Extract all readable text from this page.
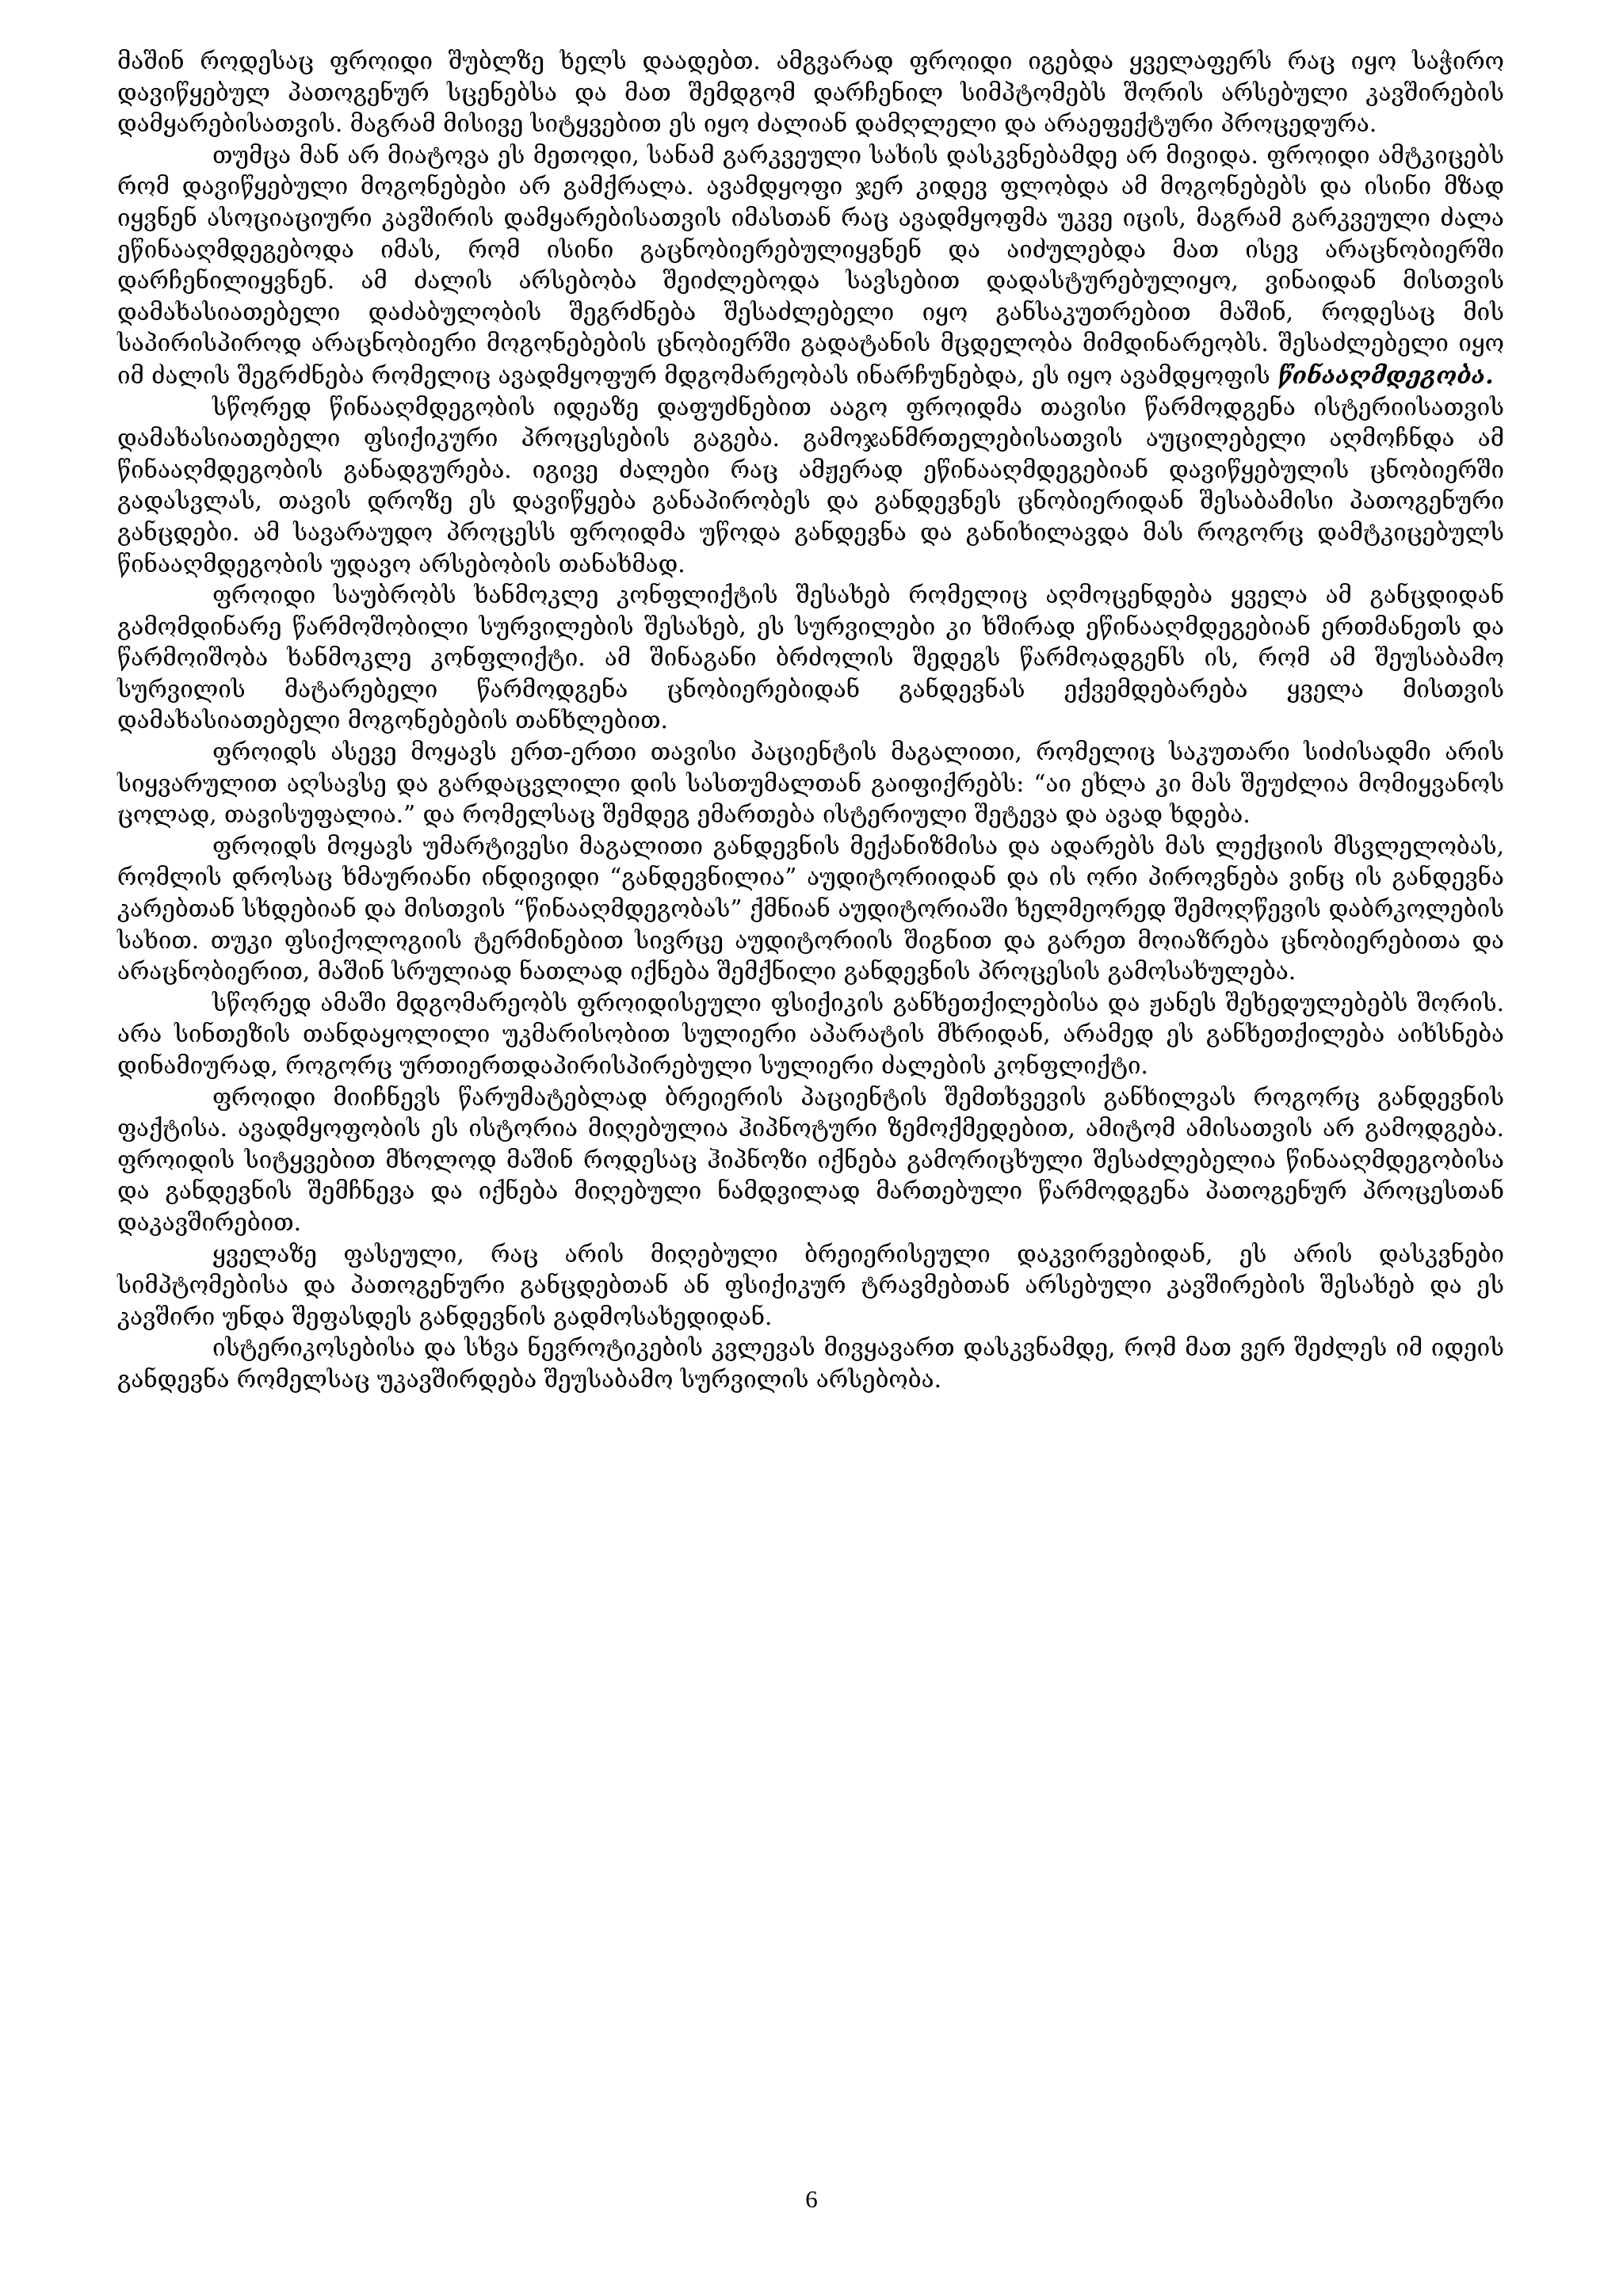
მაშინ როდესაც ფროიდი შუბლზე ხელს დაადებთ. ამგვარად ფროიდი იგებდა ყველაფერს რაც იყო საჭირო დავიწყებულ პათოგენურ სცენებსა და მათ შემდგომ დარჩენილ სიმპტომებს შორის არსებული კავშირების დამყარებისათვის. მაგრამ მისივე სიტყვებით ეს იყო ძალიან დამღლელი და არაეფექტური პროცედურა.

თუმცა მან არ მიატოვა ეს მეთოდი, სანამ გარკვეული სახის დასკვნებამდე არ მივიდა. ფროიდი ამტკიცებს რომ დავიწყებული მოგონებები არ გამქრალა. ავამდყოფი ჯერ კიდევ ფლობდა ამ მოგონებებს და ისინი მზად იყვნენ ასოციაციური კავშირის დამყარებისათვის იმასთან რაც ავადმყოფმა უკვე იცის, მაგრამ გარკვეული ძალა ეწინააღმდეგებოდა იმას, რომ ისინი გაცნობიერებულიყვნენ და აიძულებდა მათ ისევ არაცნობიერში დარჩენილიყვნენ. ამ ძალის არსებობა შეიძლებოდა სავსებით დადასტურებულიყო, ვინაიდან მისთვის დამახასიათებელი დაძაბულობის შეგრძნება შესაძლებელი იყო განსაკუთრებით მაშინ, როდესაც მის საპირისპიროდ არაცნობიერი მოგონებების ცნობიერში გადატანის მცდელობა მიმდინარეობს. შესაძლებელი იყო იმ ძალის შეგრძნება რომელიც ავადმყოფურ მდგომარეობას ინარჩუნებდა, ეს იყო ავამდყოფის წინააღმდეგობა.

სწორედ წინააღმდეგობის იდეაზე დაფუძნებით ააგო ფროიდმა თავისი წარმოდგენა ისტერიისათვის დამახასიათებელი ფსიქიკური პროცესების გაგება. გამოჯანმრთელებისათვის აუცილებელი აღმოჩნდა ამ წინააღმდეგობის განადგურება. იგივე ძალები რაც ამჟერად ეწინააღმდეგებიან დავიწყებულის ცნობიერში გადასვლას, თავის დროზე ეს დავიწყება განაპირობეს და განდევნეს ცნობიერიდან შესაბამისი პათოგენური განცდები. ამ სავარაუდო პროცესს ფროიდმა უწოდა განდევნა და განიხილავდა მას როგორც დამტკიცებულს წინააღმდეგობის უდავო არსებობის თანახმად.

ფროიდი საუბრობს ხანმოკლე კონფლიქტის შესახებ რომელიც აღმოცენდება ყველა ამ განცდიდან გამომდინარე წარმოშობილი სურვილების შესახებ, ეს სურვილები კი ხშირად ეწინააღმდეგებიან ერთმანეთს და წარმოიშობა ხანმოკლე კონფლიქტი. ამ შინაგანი ბრძოლის შედეგს წარმოადგენს ის, რომ ამ შეუსაბამო სურვილის მატარებელი წარმოდგენა ცნობიერებიდან განდევნას ექვემდებარება ყველა მისთვის დამახასიათებელი მოგონებების თანხლებით.

ფროიდს ასევე მოყავს ერთ-ერთი თავისი პაციენტის მაგალითი, რომელიც საკუთარი სიძისადმი არის სიყვარულით აღსავსე და გარდაცვლილი დის სასთუმალთან გაიფიქრებს: “აი ეხლა კი მას შეუძლია მომიყვანოს ცოლად, თავისუფალია.” და რომელსაც შემდეგ ემართება ისტერიული შეტევა და ავად ხდება.

ფროიდს მოყავს უმარტივესი მაგალითი განდევნის მექანიზმისა და ადარებს მას ლექციის მსვლელობას, რომლის დროსაც ხმაურიანი ინდივიდი “განდევნილია” აუდიტორიიდან და ის ორი პიროვნება ვინც ის განდევნა კარებთან სხდებიან და მისთვის “წინააღმდეგობას” ქმნიან აუდიტორიაში ხელმეორედ შემოღწევის დაბრკოლების სახით. თუკი ფსიქოლოგიის ტერმინებით სივრცე აუდიტორიის შიგნით და გარეთ მოიაზრება ცნობიერებითა და არაცნობიერით, მაშინ სრულიად ნათლად იქნება შემქნილი განდევნის პროცესის გამოსახულება.

სწორედ ამაში მდგომარეობს ფროიდისეული ფსიქიკის განხეთქილებისა და ჟანეს შეხედულებებს შორის. არა სინთეზის თანდაყოლილი უკმარისობით სულიერი აპარატის მხრიდან, არამედ ეს განხეთქილება აიხსნება დინამიურად, როგორც ურთიერთდაპირისპირებული სულიერი ძალების კონფლიქტი.

ფროიდი მიიჩნევს წარუმატებლად ბრეიერის პაციენტის შემთხვევის განხილვას როგორც განდევნის ფაქტისა. ავადმყოფობის ეს ისტორია მიღებულია ჰიპნოტური ზემოქმედებით, ამიტომ ამისათვის არ გამოდგება. ფროიდის სიტყვებით მხოლოდ მაშინ როდესაც ჰიპნოზი იქნება გამორიცხული შესაძლებელია წინააღმდეგობისა და განდევნის შემჩნევა და იქნება მიღებული ნამდვილად მართებული წარმოდგენა პათოგენურ პროცესთან დაკავშირებით.

ყველაზე ფასეული, რაც არის მიღებული ბრეიერისეული დაკვირვებიდან, ეს არის დასკვნები სიმპტომებისა და პათოგენური განცდებთან ან ფსიქიკურ ტრავმებთან არსებული კავშირების შესახებ და ეს კავშირი უნდა შეფასდეს განდევნის გადმოსახედიდან.

ისტერიკოსებისა და სხვა ნევროტიკების კვლევას მივყავართ დასკვნამდე, რომ მათ ვერ შეძლეს იმ იდეის განდევნა რომელსაც უკავშირდება შეუსაბამო სურვილის არსებობა.

6
